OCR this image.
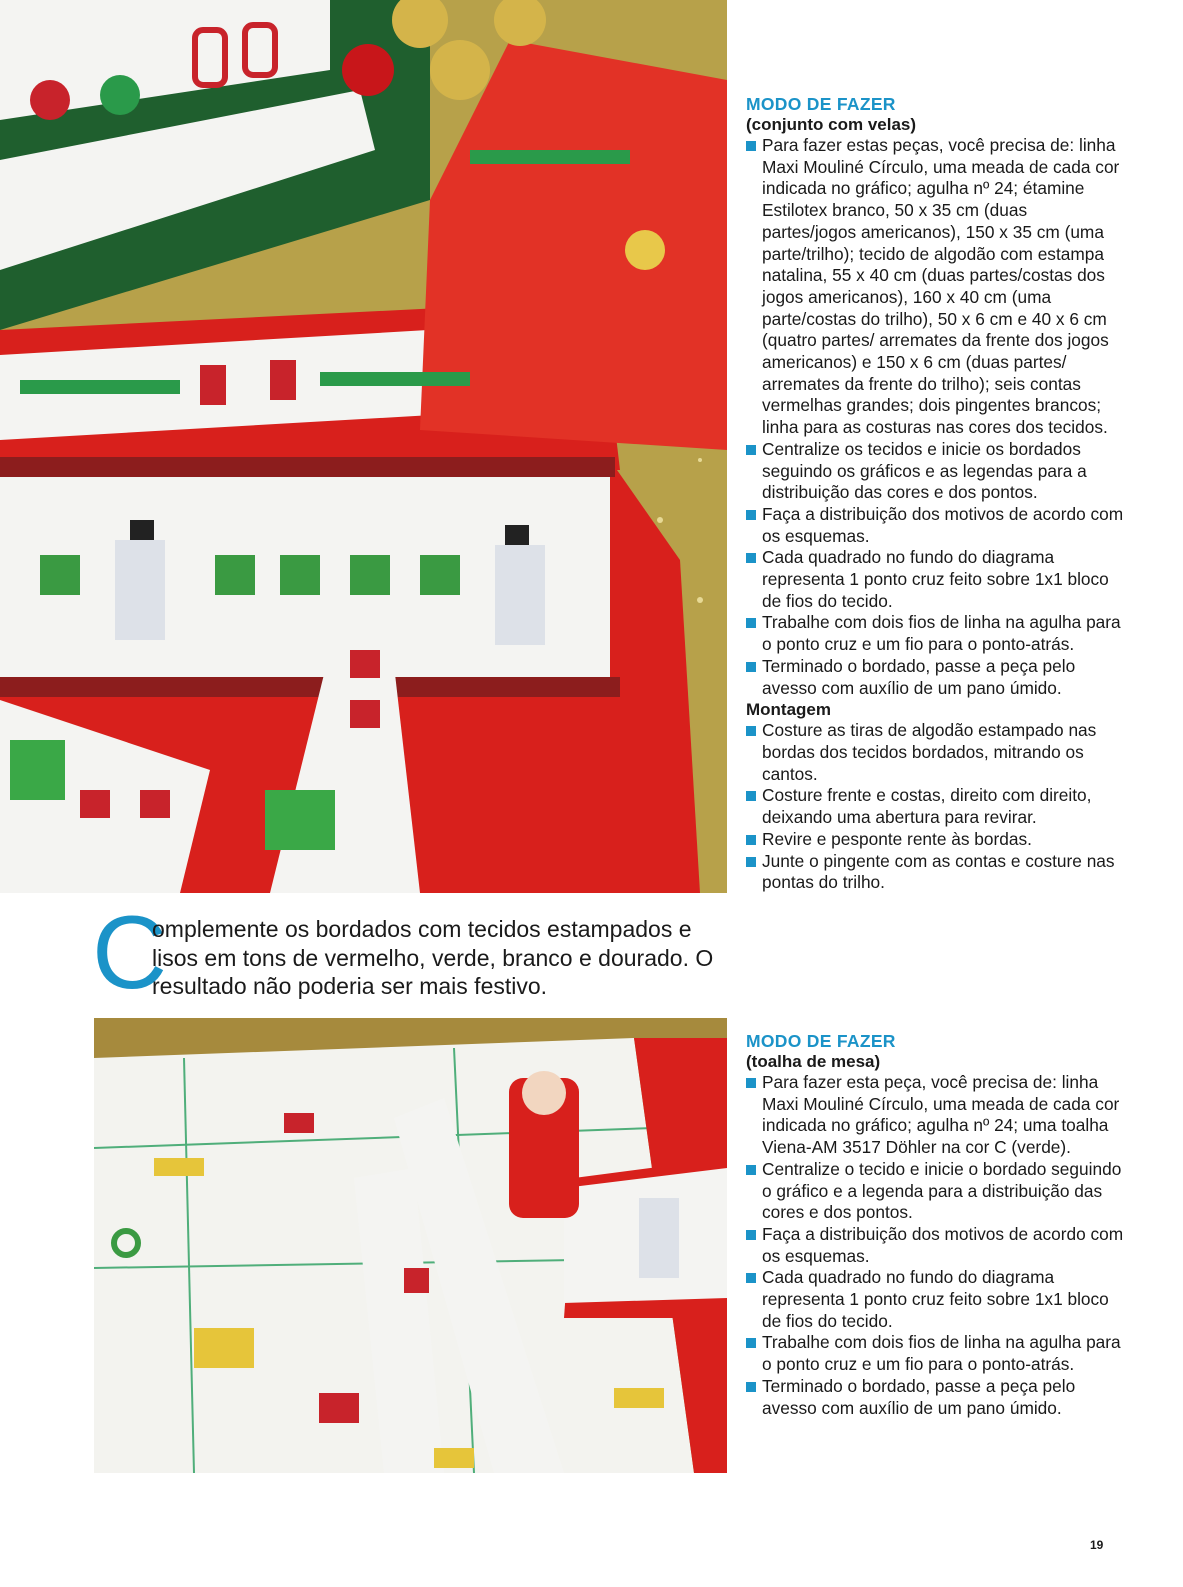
C
omplemente os bordados com tecidos estampados e lisos em tons de vermelho, verde, branco e dourado. O resultado não poderia ser mais festivo.
MODO DE FAZER
(conjunto com velas)
Para fazer estas peças, você precisa de: linha Maxi Mouliné Círculo, uma meada de cada cor indicada no gráfico; agulha nº 24; étamine Estilotex branco, 50 x 35 cm (duas partes/jogos americanos), 150 x 35 cm (uma parte/trilho); tecido de algodão com estampa natalina, 55 x 40 cm (duas partes/costas dos jogos americanos), 160 x 40 cm (uma parte/costas do trilho), 50 x 6 cm e 40 x 6 cm (quatro partes/ arremates da frente dos jogos americanos) e 150 x 6 cm (duas partes/ arremates da frente do trilho); seis contas vermelhas grandes; dois pingentes brancos; linha para as costuras nas cores dos tecidos.
Centralize os tecidos e inicie os bordados seguindo os gráficos e as legendas para a distribuição das cores e dos pontos.
Faça a distribuição dos motivos de acordo com os esquemas.
Cada quadrado no fundo do diagrama representa 1 ponto cruz feito sobre 1x1 bloco de fios do tecido.
Trabalhe com dois fios de linha na agulha para o ponto cruz e um fio para o ponto-atrás.
Terminado o bordado, passe a peça pelo avesso com auxílio de um pano úmido.
Montagem
Costure as tiras de algodão estampado nas bordas dos tecidos bordados, mitrando os cantos.
Costure frente e costas, direito com direito, deixando uma abertura para revirar.
Revire e pesponte rente às bordas.
Junte o pingente com as contas e costure nas pontas do trilho.
MODO DE FAZER
(toalha de mesa)
Para fazer esta peça, você precisa de: linha Maxi Mouliné Círculo, uma meada de cada cor indicada no gráfico; agulha nº 24; uma toalha Viena-AM 3517 Döhler na cor C (verde).
Centralize o tecido e inicie o bordado seguindo o gráfico e a legenda para a distribuição das cores e dos pontos.
Faça a distribuição dos motivos de acordo com os esquemas.
Cada quadrado no fundo do diagrama representa 1 ponto cruz feito sobre 1x1 bloco de fios do tecido.
Trabalhe com dois fios de linha na agulha para o ponto cruz e um fio para o ponto-atrás.
Terminado o bordado, passe a peça pelo avesso com auxílio de um pano úmido.
19
